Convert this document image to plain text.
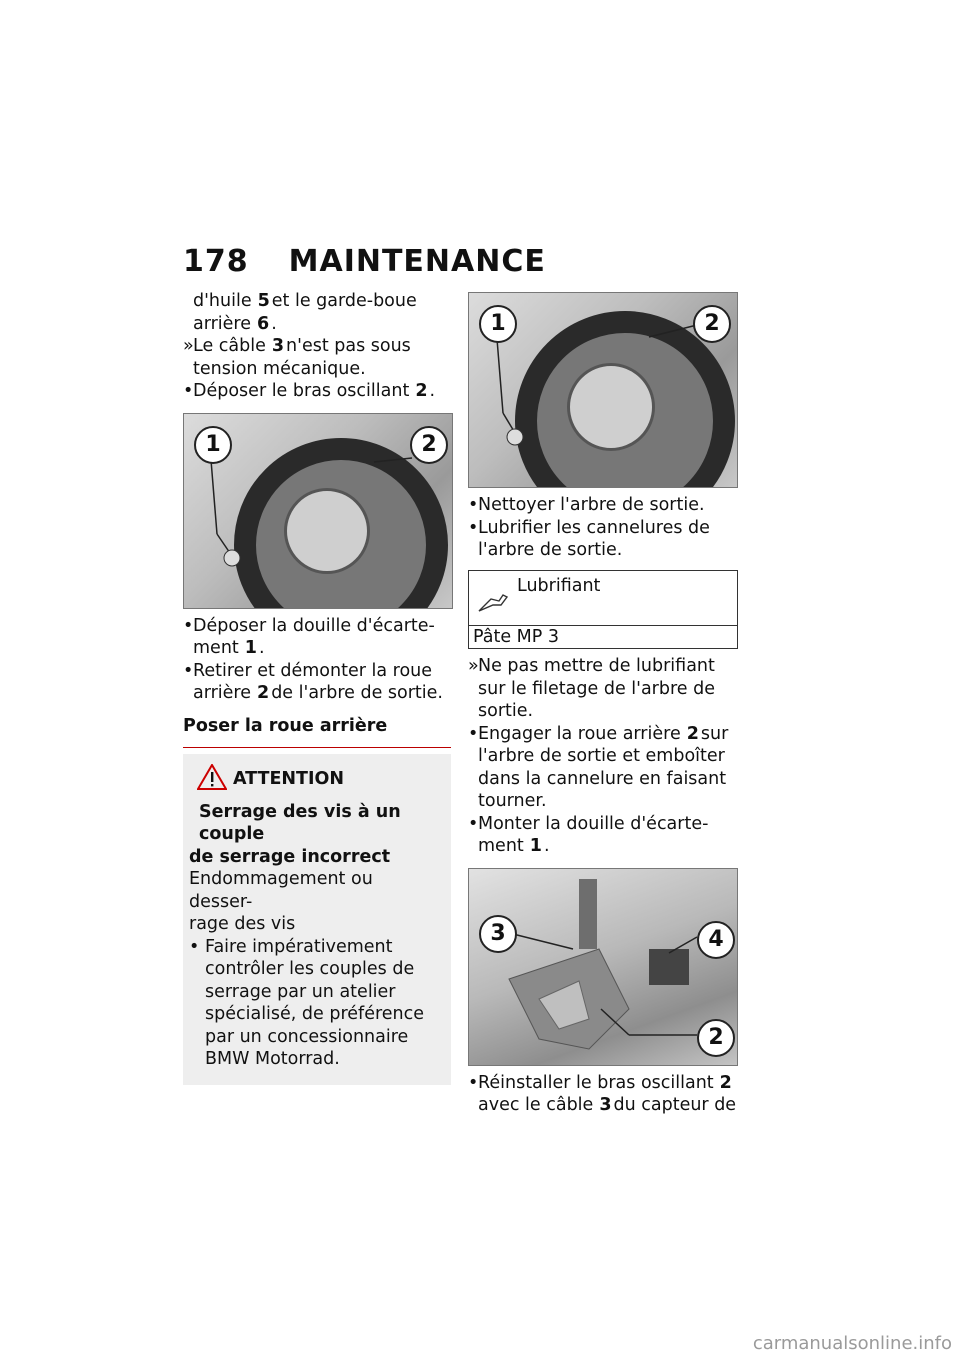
178 MAINTENANCE

d'huile 5 et le garde-boue

arrière 6 .

» Le câble 3 n'est pas sous

tension mécanique.

• Déposer le bras oscillant 2 .

1	2

• Déposer la douille d'écarte-

ment 1 .

• Retirer et démonter la roue

arrière 2 de l'arbre de sortie.

Poser la roue arrière
ATTENTION
Serrage des vis à un couple
de serrage incorrect
Endommagement ou desser-
rage des vis

• Faire impérativement

contrôler les couples de
serrage par un atelier
spécialisé, de préférence
par un concessionnaire
BMW Motorrad.
1	2

• Nettoyer l'arbre de sortie.

• Lubrifier les cannelures de

l'arbre de sortie.

Lubrifiant
Pâte MP 3

» Ne pas mettre de lubrifiant

sur le filetage de l'arbre de

sortie.

• Engager la roue arrière 2 sur

l'arbre de sortie et emboîter

dans la cannelure en faisant

tourner.

• Monter la douille d'écarte-

ment 1 .

3	4
2

• Réinstaller le bras oscillant 2

avec le câble 3 du capteur de

carmanualsonline.info
